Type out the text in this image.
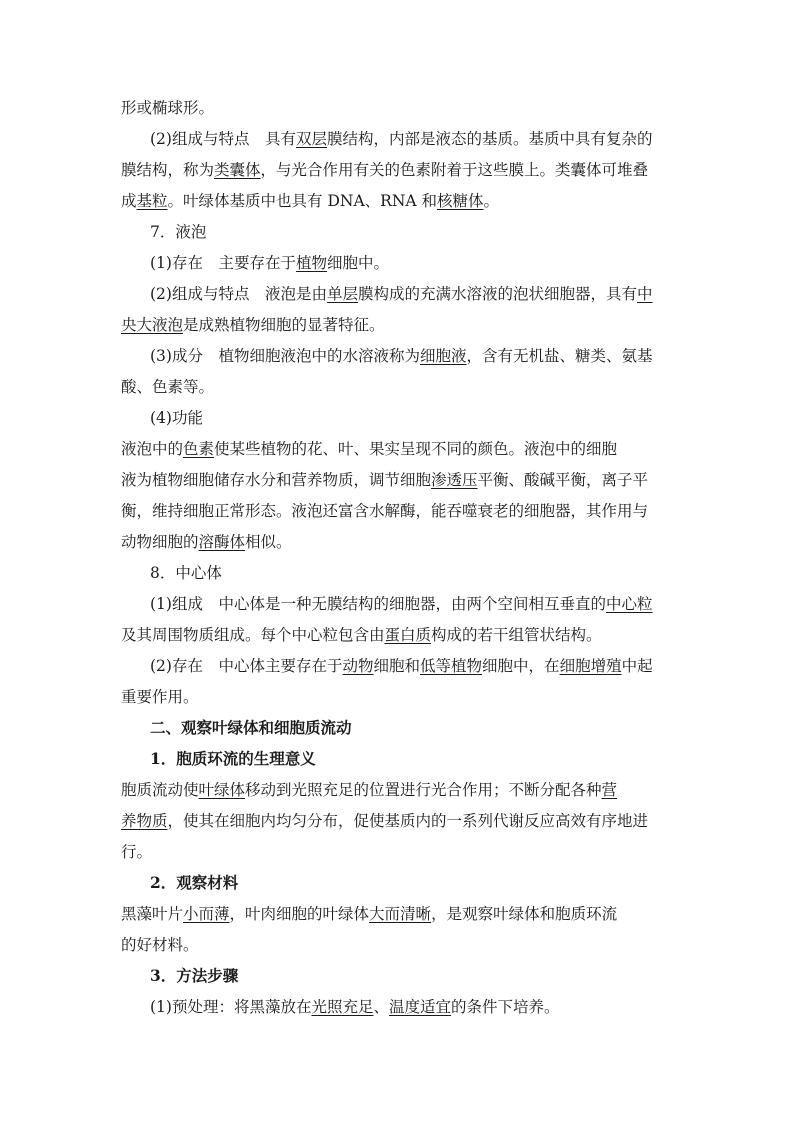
形或椭球形。
(2)组成与特点　 具有双层膜结构，内部是液态的基质。基质中具有复杂的
膜结构，称为类囊体，与光合作用有关的色素附着于这些膜上。类囊体可堆叠
成基粒。叶绿体基质中也具有 DNA、RNA 和核糖体。
7．液泡
(1)存在　 主要存在于植物细胞中。
(2)组成与特点　 液泡是由单层膜构成的充满水溶液的泡状细胞器，具有中
央大液泡是成熟植物细胞的显著特征。
(3)成分　 植物细胞液泡中的水溶液称为细胞液，含有无机盐、糖类、氨基
酸、色素等。
(4)功能
液泡中的色素使某些植物的花、叶、果实呈现不同的颜色。液泡中的细胞
液为植物细胞储存水分和营养物质，调节细胞渗透压平衡、酸碱平衡，离子平
衡，维持细胞正常形态。液泡还富含水解酶，能吞噬衰老的细胞器，其作用与
动物细胞的溶酶体相似。
8．中心体
(1)组成　 中心体是一种无膜结构的细胞器，由两个空间相互垂直的中心粒
及其周围物质组成。每个中心粒包含由蛋白质构成的若干组管状结构。
(2)存在　 中心体主要存在于动物细胞和低等植物细胞中，在细胞增殖中起
重要作用。
二、观察叶绿体和细胞质流动
1．胞质环流的生理意义
胞质流动使叶绿体移动到光照充足的位置进行光合作用；不断分配各种营
养物质，使其在细胞内均匀分布，促使基质内的一系列代谢反应高效有序地进
行。
2．观察材料
黑藻叶片小而薄，叶肉细胞的叶绿体大而清晰，是观察叶绿体和胞质环流
的好材料。
3．方法步骤
(1)预处理：将黑藻放在光照充足、温度适宜的条件下培养。
